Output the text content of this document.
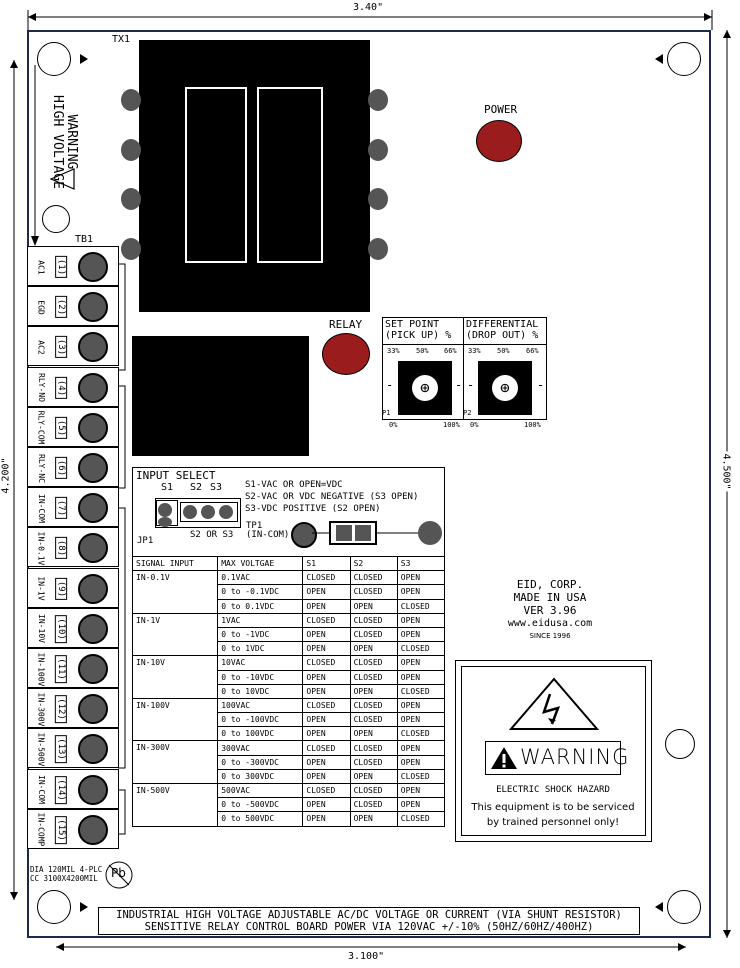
3.40"
4.200"	4.500"
3.100"
WARNING
HIGH VOLTAGE
TX1
POWER
RELAY SET POINT
(PICK UP) %
DIFFERENTIAL
(DROP OUT) %
33% 50% 66% 33% 50% 66%
⊕	⊕
-	- -	-
P1	P2
0%	100% 0%	100%
TB1
AC1 (1)
EGD (2)
AC2 (3)
RLY-NO (4)
RLY-COM (5)
RLY-NC (6)
IN-COM (7)
IN-0.1V (8)
IN-1V (9)
IN-10V (10)
IN-100V (11)
IN-300V (12)
IN-500V (13)
IN-COM (14)
IN-COMP (15)
INPUT SELECT
S1 S2 S3	S1-VAC OR OPEN=VDC
S2-VAC OR VDC NEGATIVE (S3 OPEN)
S3-VDC POSITIVE (S2 OPEN)
JP1
S2 OR S3
TP1
(IN-COM)
SIGNAL INPUT	MAX VOLTGAE	S1	S2	S3
IN-0.1V	0.1VAC	CLOSED	CLOSED	OPEN
	0 to -0.1VDC	OPEN	CLOSED	OPEN
	0 to 0.1VDC	OPEN	OPEN	CLOSED
IN-1V	1VAC	CLOSED	CLOSED	OPEN
	0 to -1VDC	OPEN	CLOSED	OPEN
	0 to 1VDC	OPEN	OPEN	CLOSED
IN-10V	10VAC	CLOSED	CLOSED	OPEN
	0 to -10VDC	OPEN	CLOSED	OPEN
	0 to 10VDC	OPEN	OPEN	CLOSED
IN-100V	100VAC	CLOSED	CLOSED	OPEN
	0 to -100VDC	OPEN	CLOSED	OPEN
	0 to 100VDC	OPEN	OPEN	CLOSED
IN-300V	300VAC	CLOSED	CLOSED	OPEN
	0 to -300VDC	OPEN	CLOSED	OPEN
	0 to 300VDC	OPEN	OPEN	CLOSED
IN-500V	500VAC	CLOSED	CLOSED	OPEN
	0 to -500VDC	OPEN	CLOSED	OPEN
	0 to 500VDC	OPEN	OPEN	CLOSED
EID, CORP.
MADE IN USA
VER 3.96
www.eidusa.com
SINCE 1996
WARNING
ELECTRIC SHOCK HAZARD
This equipment is to be serviced
by trained personnel only!
DIA 120MIL 4-PLC
CC 3100X4200MIL	Pb
INDUSTRIAL HIGH VOLTAGE ADJUSTABLE AC/DC VOLTAGE OR CURRENT (VIA SHUNT RESISTOR)
SENSITIVE RELAY CONTROL BOARD POWER VIA 120VAC +/-10% (50HZ/60HZ/400HZ)
